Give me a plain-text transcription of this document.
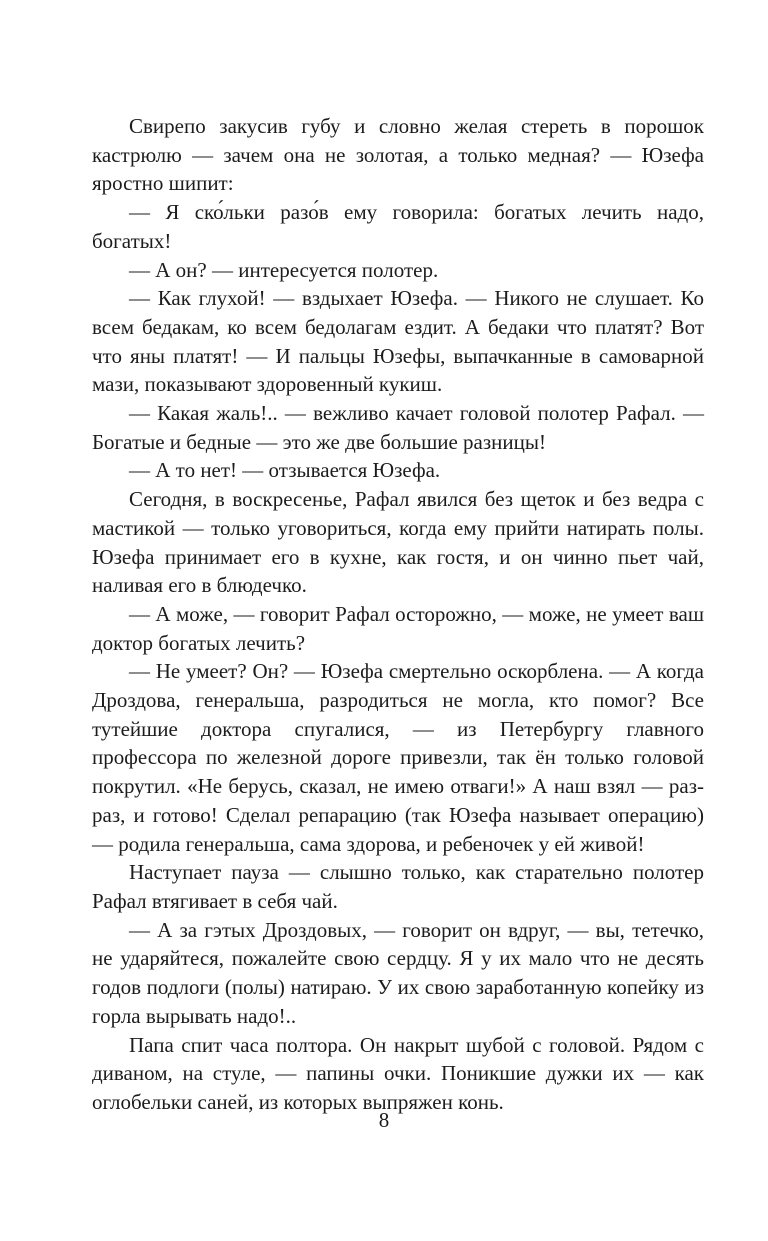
Свирепо закусив губу и словно желая стереть в порошок кастрюлю — зачем она не золотая, а только медная? — Юзефа яростно шипит:

— Я ско́льки разо́в ему говорила: богатых лечить надо, богатых!

— А он? — интересуется полотер.

— Как глухой! — вздыхает Юзефа. — Никого не слушает. Ко всем бедакам, ко всем бедолагам ездит. А бедаки что платят? Вот что яны платят! — И пальцы Юзефы, выпачканные в самоварной мази, показывают здоровенный кукиш.

— Какая жаль!.. — вежливо качает головой полотер Рафал. — Богатые и бедные — это же две большие разницы!

— А то нет! — отзывается Юзефа.

Сегодня, в воскресенье, Рафал явился без щеток и без ведра с мастикой — только уговориться, когда ему прийти натирать полы. Юзефа принимает его в кухне, как гостя, и он чинно пьет чай, наливая его в блюдечко.

— А може, — говорит Рафал осторожно, — може, не умеет ваш доктор богатых лечить?

— Не умеет? Он? — Юзефа смертельно оскорблена. — А когда Дроздова, генеральша, разродиться не могла, кто помог? Все тутейшие доктора спугалися, — из Петербургу главного профессора по железной дороге привезли, так ён только головой покрутил. «Не берусь, сказал, не имею отваги!» А наш взял — раз-раз, и готово! Сделал репарацию (так Юзефа называет операцию) — родила генеральша, сама здорова, и ребеночек у ей живой!

Наступает пауза — слышно только, как старательно полотер Рафал втягивает в себя чай.

— А за гэтых Дроздовых, — говорит он вдруг, — вы, тетечко, не ударяйтеся, пожалейте свою сердцу. Я у их мало что не десять годов подлоги (полы) натираю. У их свою заработанную копейку из горла вырывать надо!..

Папа спит часа полтора. Он накрыт шубой с головой. Рядом с диваном, на стуле, — папины очки. Поникшие дужки их — как оглобельки саней, из которых выпряжен конь.

8
